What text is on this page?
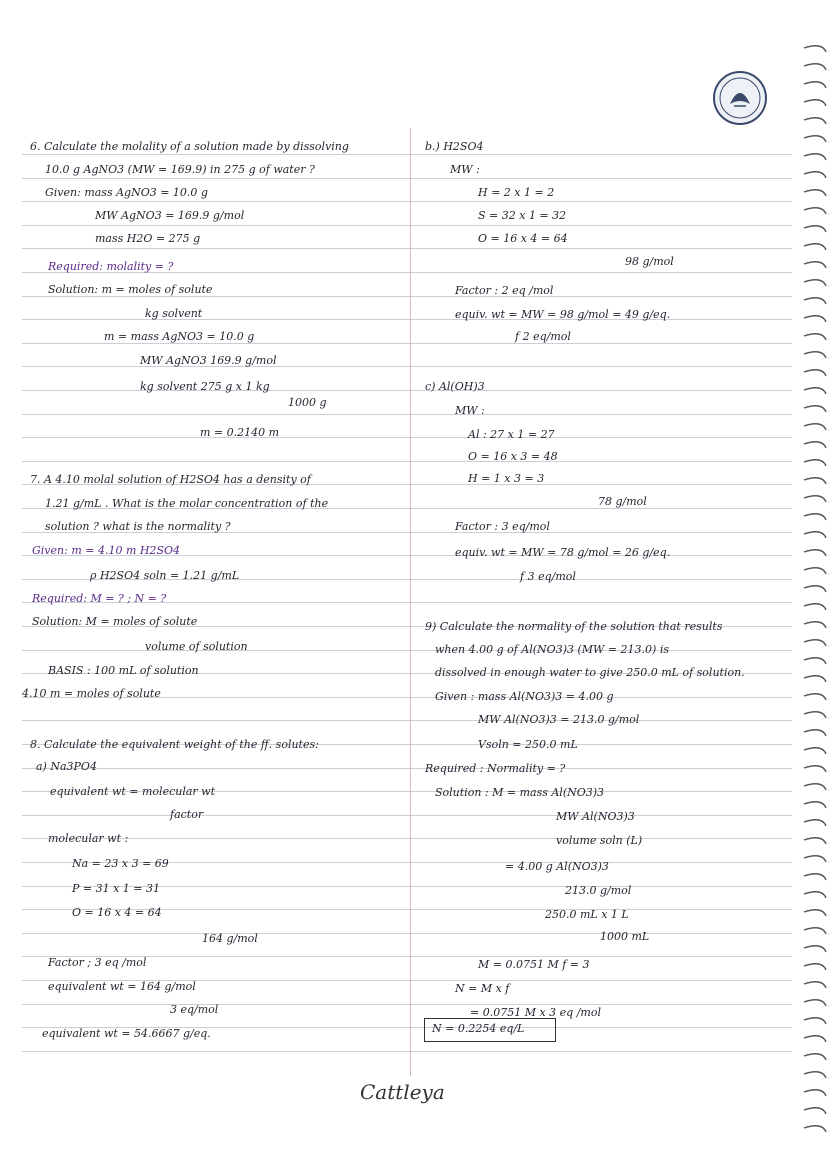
6. Calculate the molality of a solution made by dissolving
10.0 g AgNO3 (MW = 169.9) in 275 g of water ?
Given: mass AgNO3 = 10.0 g
MW AgNO3 = 169.9 g/mol
mass H2O = 275 g
Required: molality = ?
Solution: m = moles of solute
kg solvent
m = mass AgNO3 = 10.0 g
MW AgNO3 169.9 g/mol
kg solvent 275 g x 1 kg
1000 g
m = 0.2140 m
7. A 4.10 molal solution of H2SO4 has a density of
1.21 g/mL . What is the molar concentration of the
solution ? what is the normality ?
Given: m = 4.10 m H2SO4
ρ H2SO4 soln = 1.21 g/mL
Required: M = ? ; N = ?
Solution: M = moles of solute
volume of solution
BASIS : 100 mL of solution
4.10 m = moles of solute
8. Calculate the equivalent weight of the ff. solutes:
a) Na3PO4
equivalent wt = molecular wt
factor
molecular wt :
Na = 23 x 3 = 69
P = 31 x 1 = 31
O = 16 x 4 = 64
164 g/mol
Factor ; 3 eq /mol
equivalent wt = 164 g/mol
3 eq/mol
equivalent wt = 54.6667 g/eq.
b.) H2SO4
MW :
H = 2 x 1 = 2
S = 32 x 1 = 32
O = 16 x 4 = 64
98 g/mol
Factor : 2 eq /mol
equiv. wt = MW = 98 g/mol = 49 g/eq.
f 2 eq/mol
c) Al(OH)3
MW :
Al : 27 x 1 = 27
O = 16 x 3 = 48
H = 1 x 3 = 3
78 g/mol
Factor : 3 eq/mol
equiv. wt = MW = 78 g/mol = 26 g/eq.
f 3 eq/mol
9) Calculate the normality of the solution that results
when 4.00 g of Al(NO3)3 (MW = 213.0) is
dissolved in enough water to give 250.0 mL of solution.
Given : mass Al(NO3)3 = 4.00 g
MW Al(NO3)3 = 213.0 g/mol
Vsoln = 250.0 mL
Required : Normality = ?
Solution : M = mass Al(NO3)3
MW Al(NO3)3
volume soln (L)
= 4.00 g Al(NO3)3
213.0 g/mol
250.0 mL x 1 L
1000 mL
M = 0.0751 M f = 3
N = M x f
= 0.0751 M x 3 eq /mol
N = 0.2254 eq/L
Cattleya
